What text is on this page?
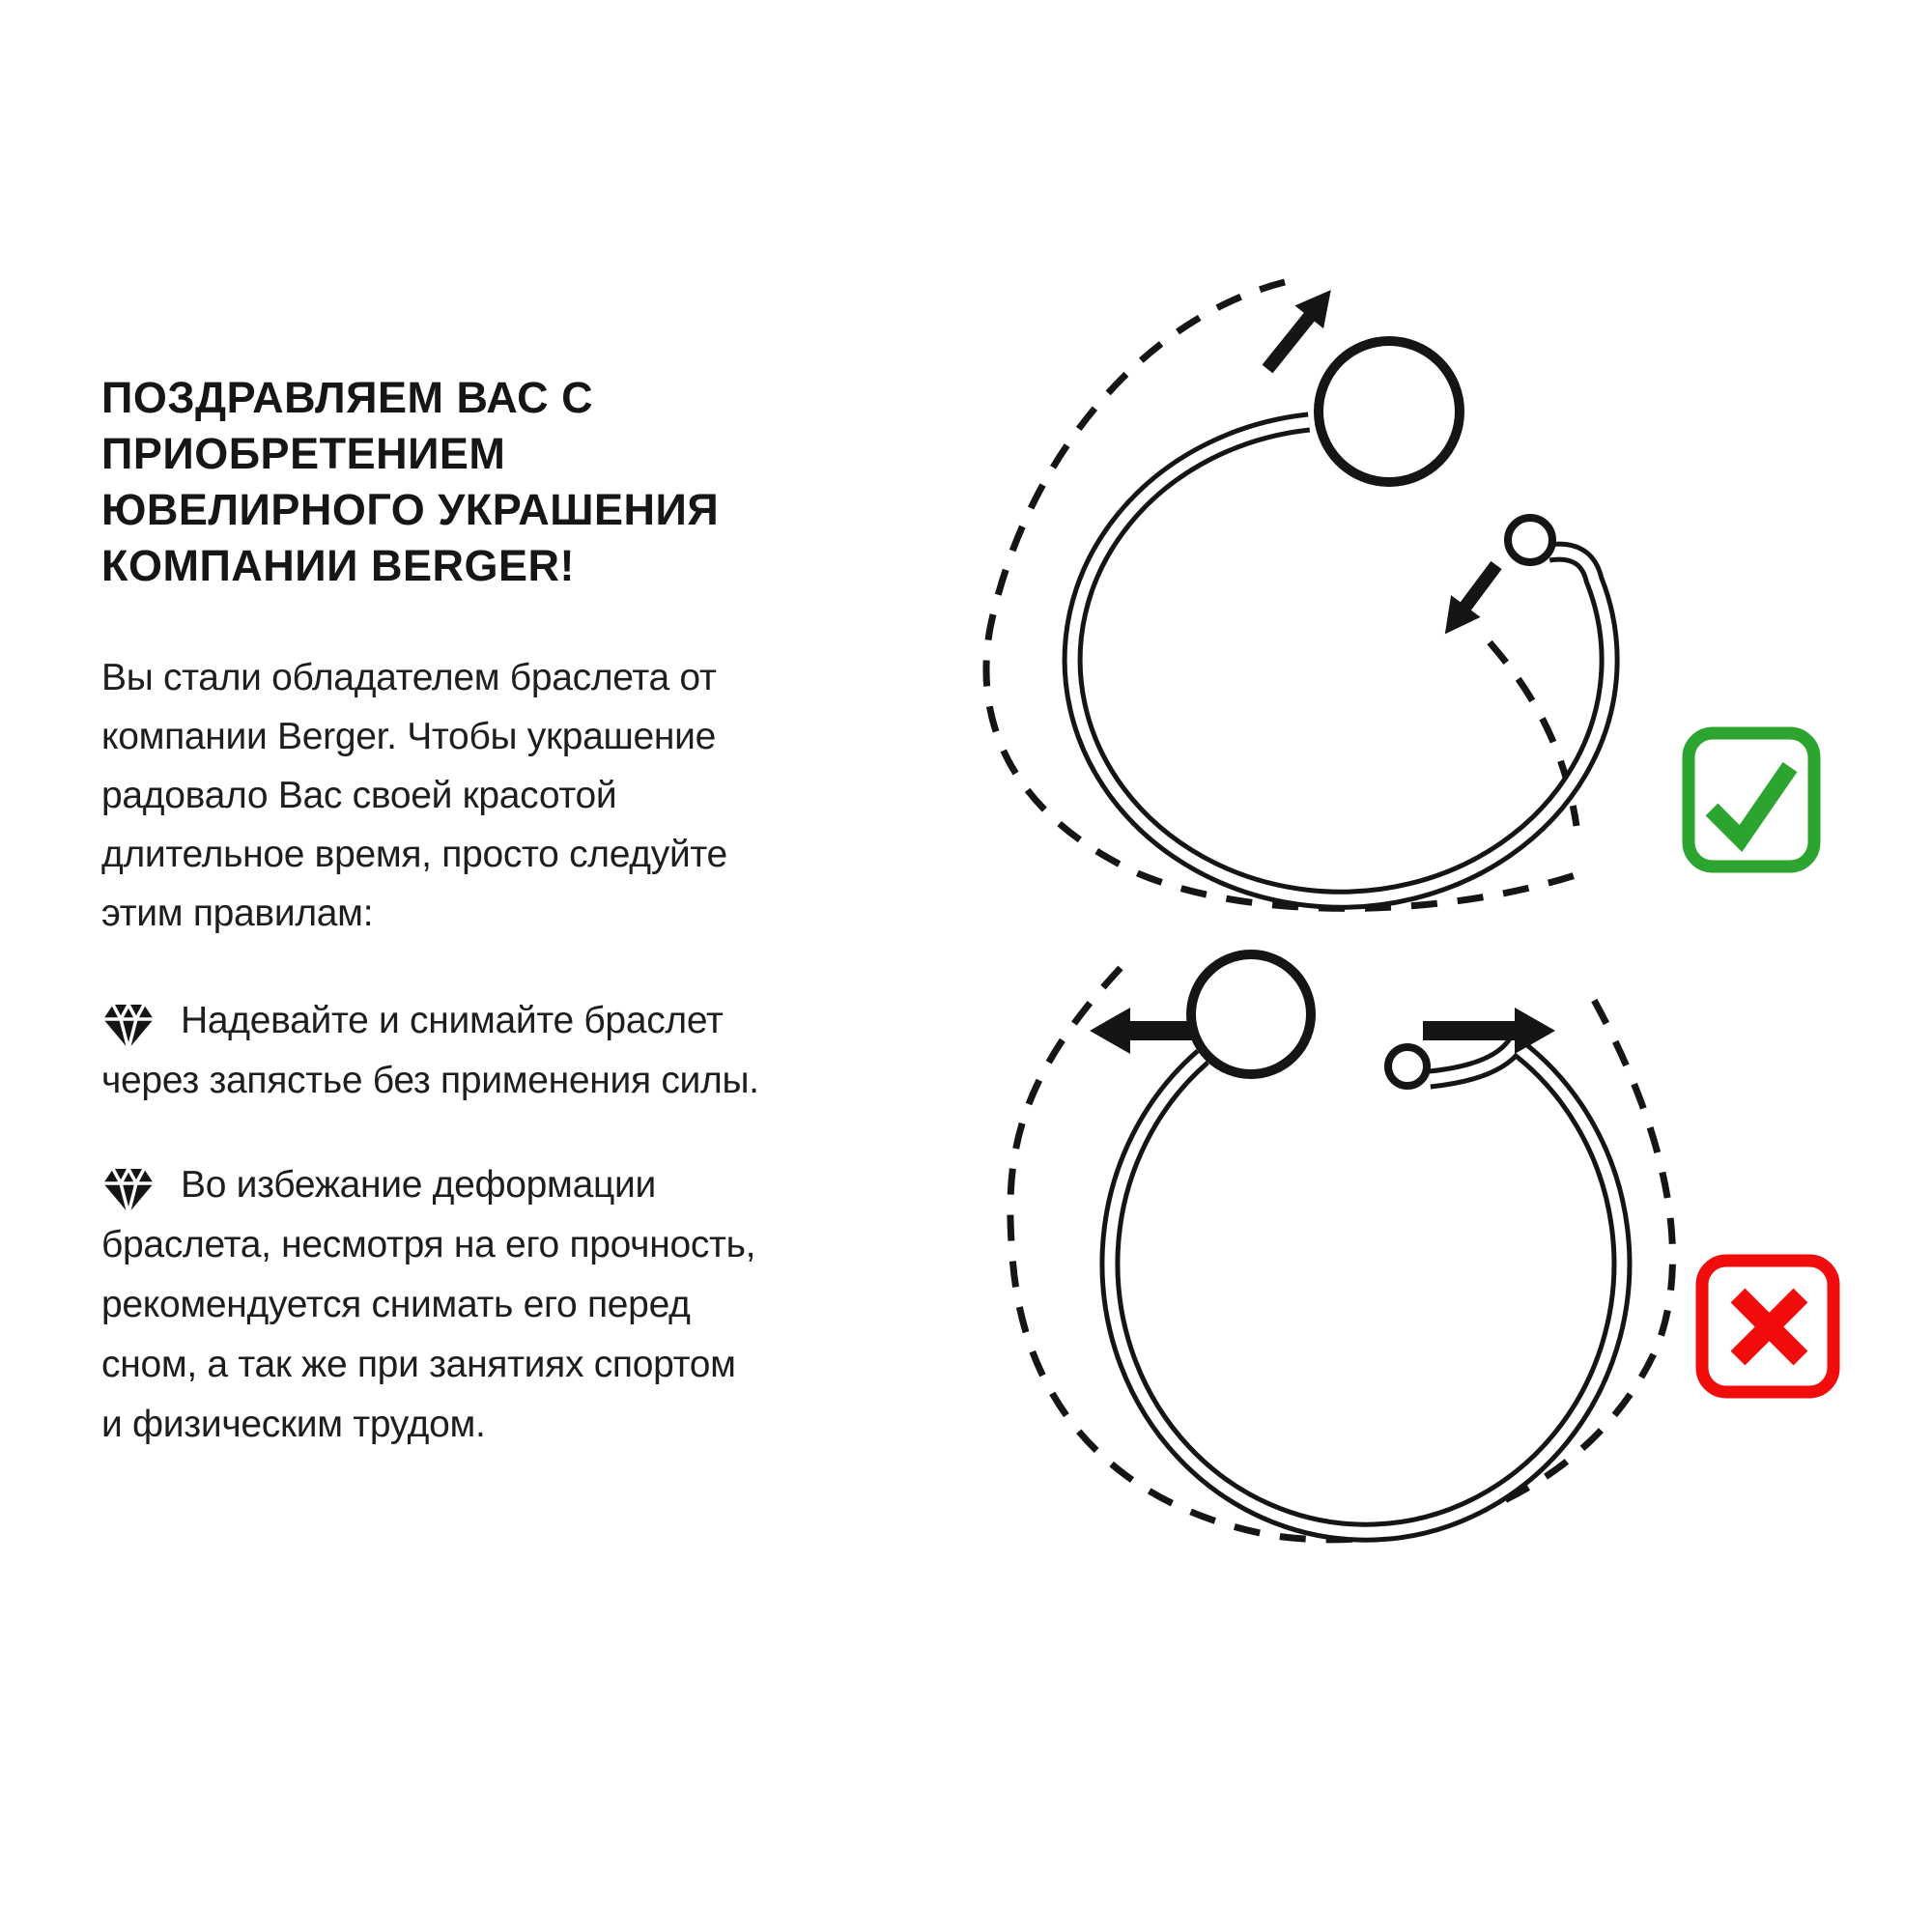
ПОЗДРАВЛЯЕМ ВАС С
ПРИОБРЕТЕНИЕМ
ЮВЕЛИРНОГО УКРАШЕНИЯ
КОМПАНИИ BERGER!

Вы стали обладателем браслета от
компании Berger. Чтобы украшение
радовало Вас своей красотой
длительное время, просто следуйте
этим правилам:

Надевайте и снимайте браслет
через запястье без применения силы.

Во избежание деформации
браслета, несмотря на его прочность,
рекомендуется снимать его перед
сном, а так же при занятиях спортом
и физическим трудом.
